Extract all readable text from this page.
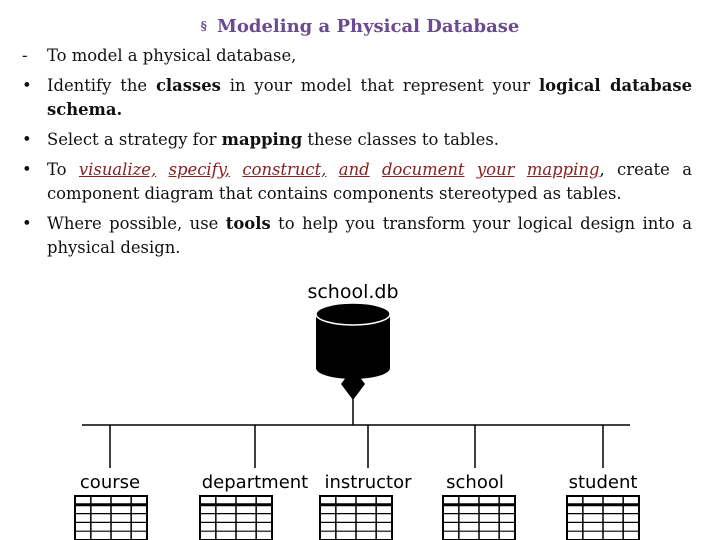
§ Modeling a Physical Database
-	To model a physical database,
• Identify the classes in your model that represent your logical database schema.
• Select a strategy for mapping these classes to tables.
• To visualize, specify, construct, and document your mapping, create a component diagram that contains components stereotyped as tables.
• Where possible, use tools to help you transform your logical design into a physical design.
school.db
course	department instructor school	student
